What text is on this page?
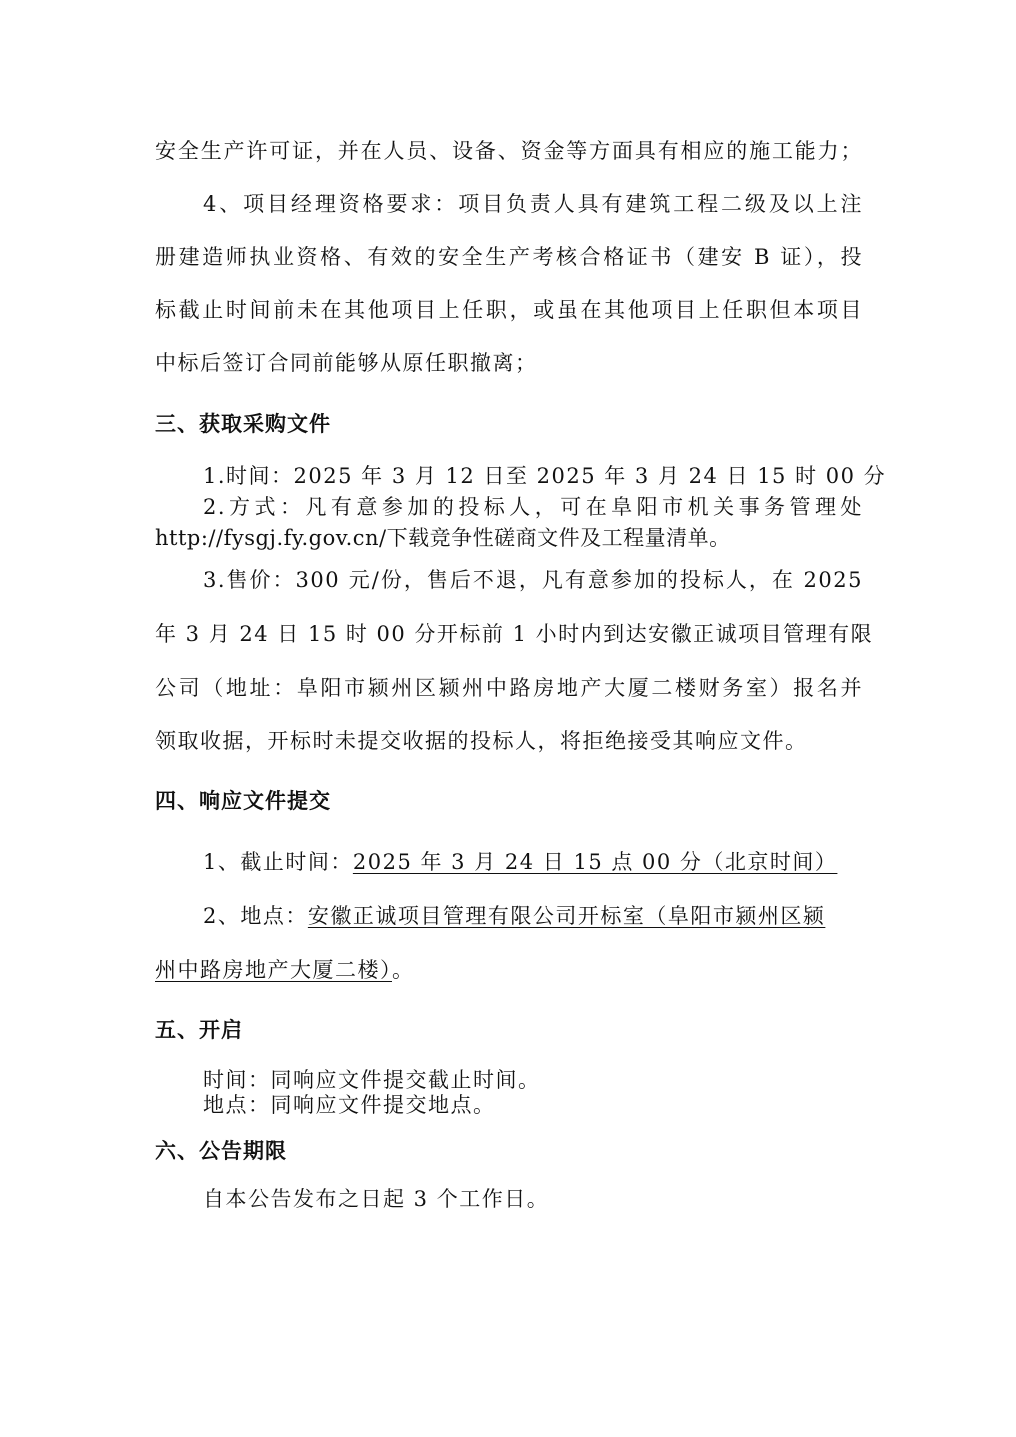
安全生产许可证，并在人员、设备、资金等方面具有相应的施工能力；
4、项目经理资格要求：项目负责人具有建筑工程二级及以上注
册建造师执业资格、有效的安全生产考核合格证书（建安 B 证），投
标截止时间前未在其他项目上任职，或虽在其他项目上任职但本项目
中标后签订合同前能够从原任职撤离；
三、获取采购文件
1.时间：2025 年 3 月 12 日至 2025 年 3 月 24 日 15 时 00 分
2.方式：凡有意参加的投标人，可在阜阳市机关事务管理处
http://fysgj.fy.gov.cn/下载竞争性磋商文件及工程量清单。
3.售价：300 元/份，售后不退，凡有意参加的投标人，在 2025
年 3 月 24 日 15 时 00 分开标前 1 小时内到达安徽正诚项目管理有限
公司（地址：阜阳市颍州区颍州中路房地产大厦二楼财务室）报名并
领取收据，开标时未提交收据的投标人，将拒绝接受其响应文件。
四、响应文件提交
1、截止时间：2025 年 3 月 24 日 15 点 00 分（北京时间）
2、地点：安徽正诚项目管理有限公司开标室（阜阳市颍州区颍
州中路房地产大厦二楼）。
五、开启
时间：同响应文件提交截止时间。
地点：同响应文件提交地点。
六、公告期限
自本公告发布之日起 3 个工作日。
